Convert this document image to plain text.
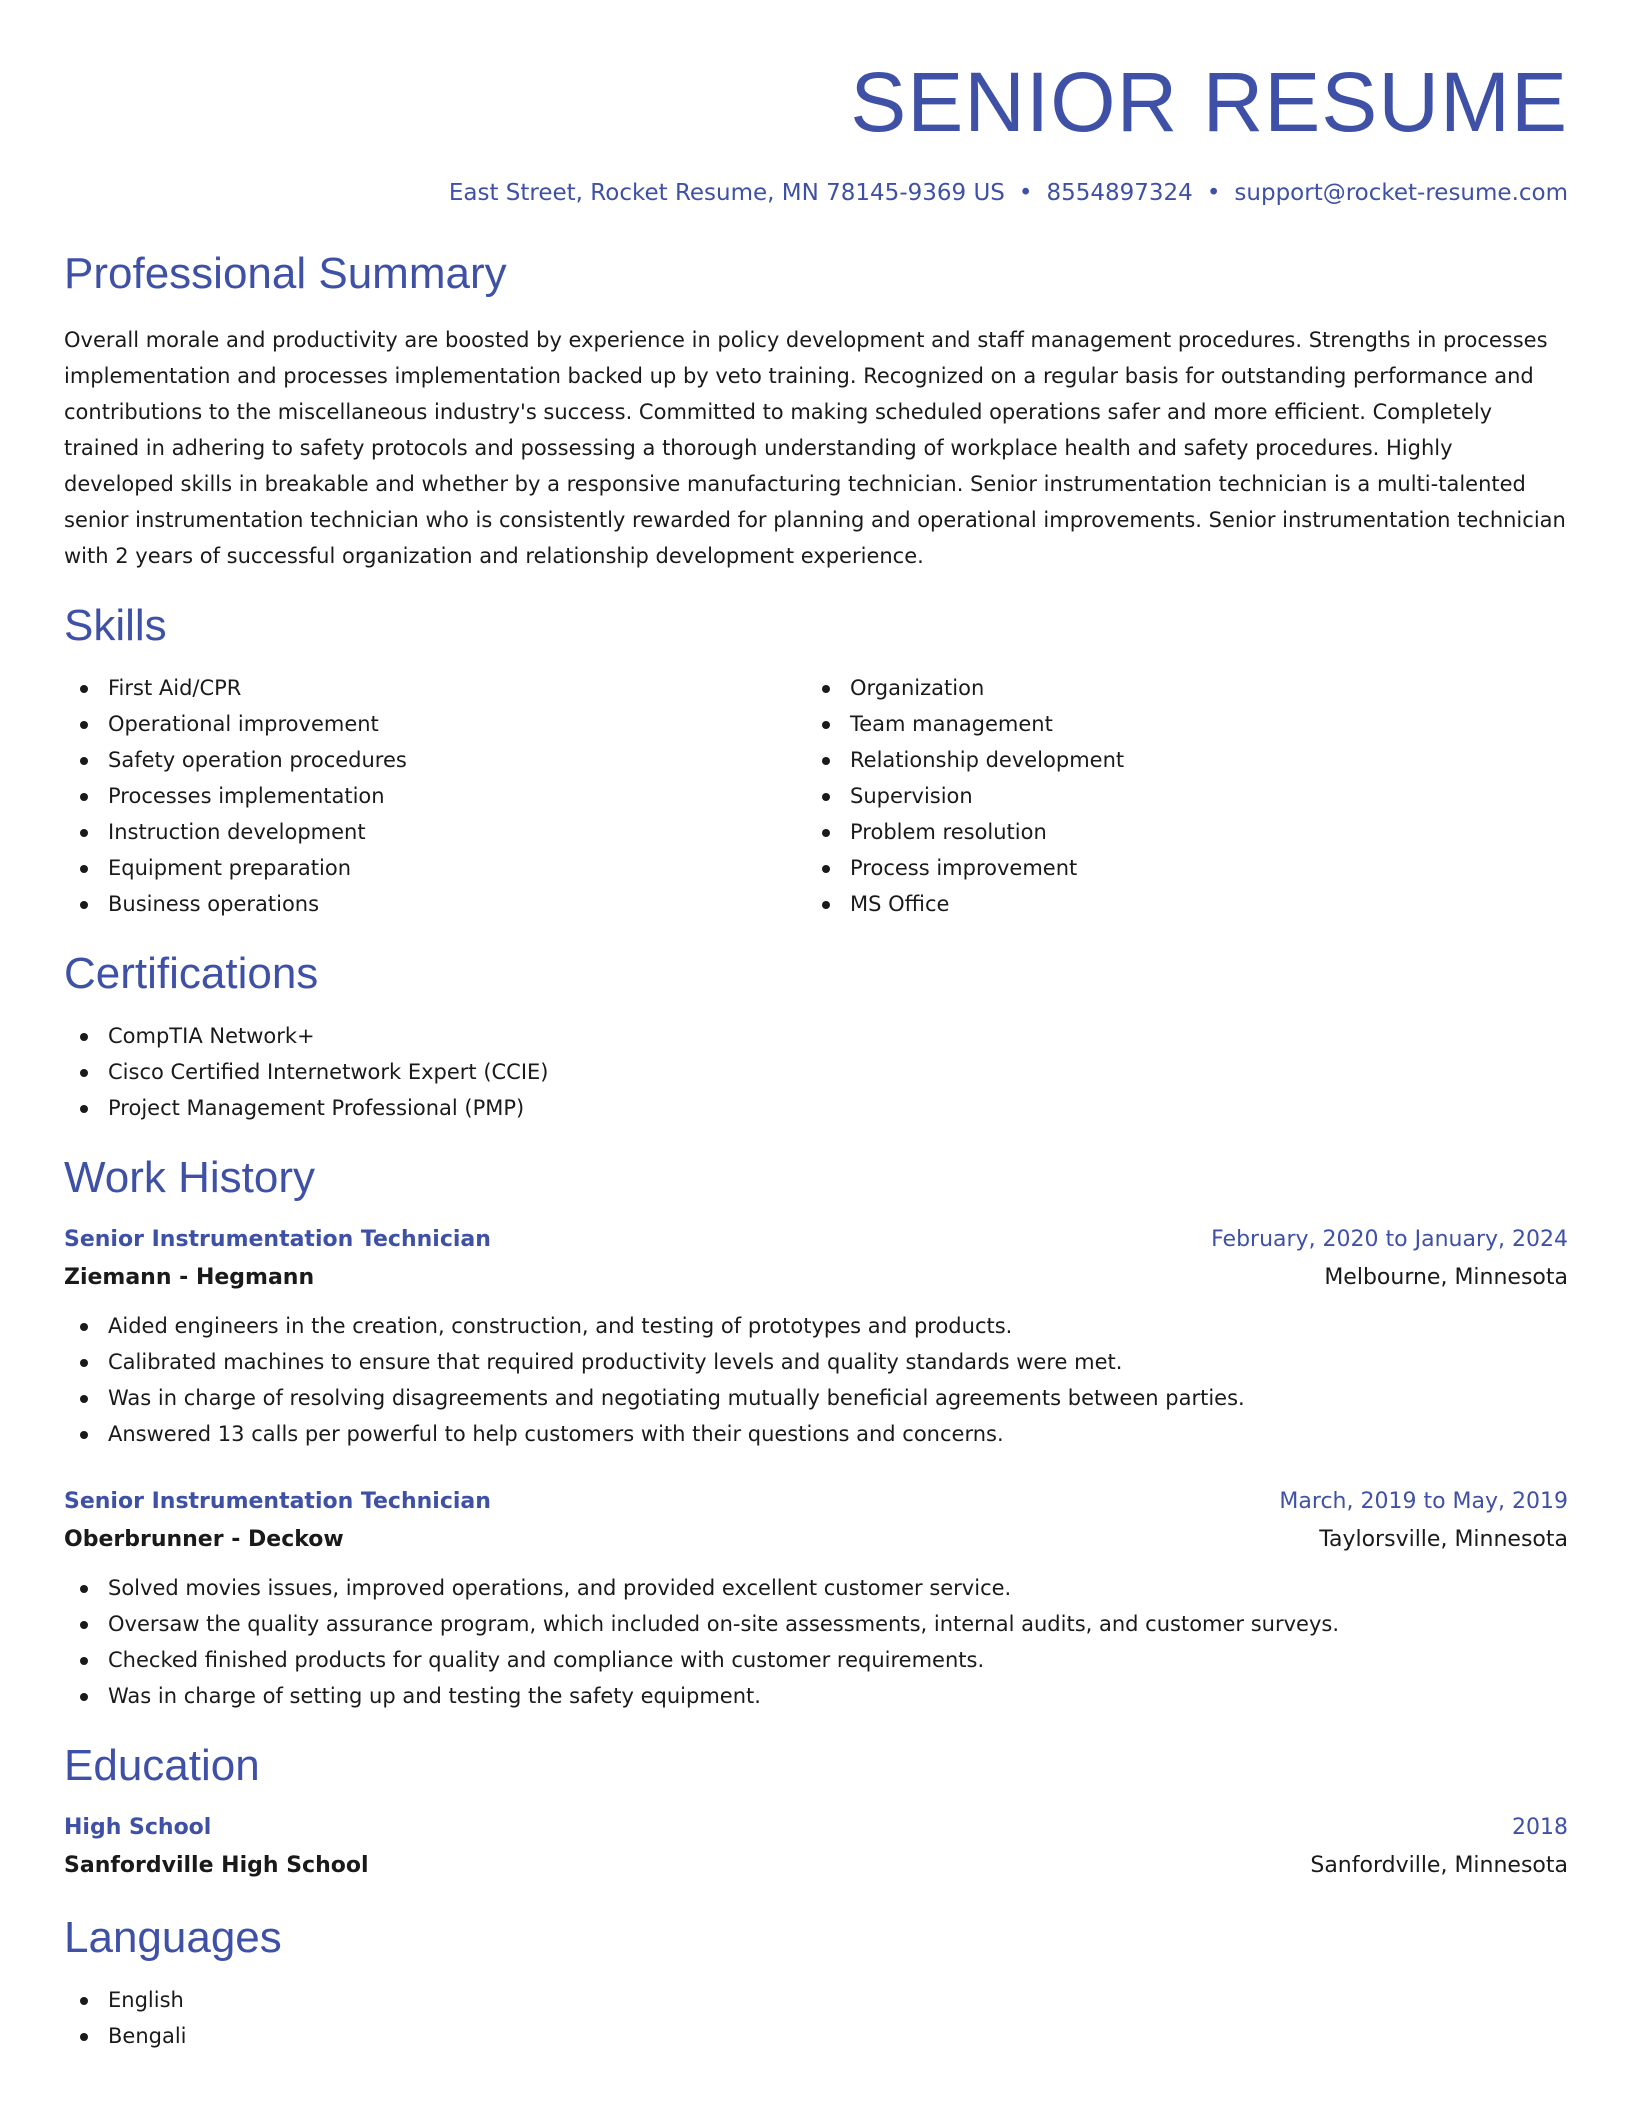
SENIOR RESUME
East Street, Rocket Resume, MN 78145-9369 US • 8554897324 • support@rocket-resume.com
Professional Summary

Overall morale and productivity are boosted by experience in policy development and staff management procedures. Strengths in processes implementation and processes implementation backed up by veto training. Recognized on a regular basis for outstanding performance and contributions to the miscellaneous industry's success. Committed to making scheduled operations safer and more efficient. Completely trained in adhering to safety protocols and possessing a thorough understanding of workplace health and safety procedures. Highly developed skills in breakable and whether by a responsive manufacturing technician. Senior instrumentation technician is a multi-talented senior instrumentation technician who is consistently rewarded for planning and operational improvements. Senior instrumentation technician with 2 years of successful organization and relationship development experience.

Skills
First Aid/CPR
Operational improvement
Safety operation procedures
Processes implementation
Instruction development
Equipment preparation
Business operations
Organization
Team management
Relationship development
Supervision
Problem resolution
Process improvement
MS Office
Certifications
CompTIA Network+
Cisco Certified Internetwork Expert (CCIE)
Project Management Professional (PMP)
Work History
Senior Instrumentation Technician	February, 2020 to January, 2024
Ziemann - Hegmann	Melbourne, Minnesota
Aided engineers in the creation, construction, and testing of prototypes and products.
Calibrated machines to ensure that required productivity levels and quality standards were met.
Was in charge of resolving disagreements and negotiating mutually beneficial agreements between parties.
Answered 13 calls per powerful to help customers with their questions and concerns.
Senior Instrumentation Technician	March, 2019 to May, 2019
Oberbrunner - Deckow	Taylorsville, Minnesota
Solved movies issues, improved operations, and provided excellent customer service.
Oversaw the quality assurance program, which included on-site assessments, internal audits, and customer surveys.
Checked finished products for quality and compliance with customer requirements.
Was in charge of setting up and testing the safety equipment.
Education
High School	2018
Sanfordville High School	Sanfordville, Minnesota
Languages
English
Bengali
